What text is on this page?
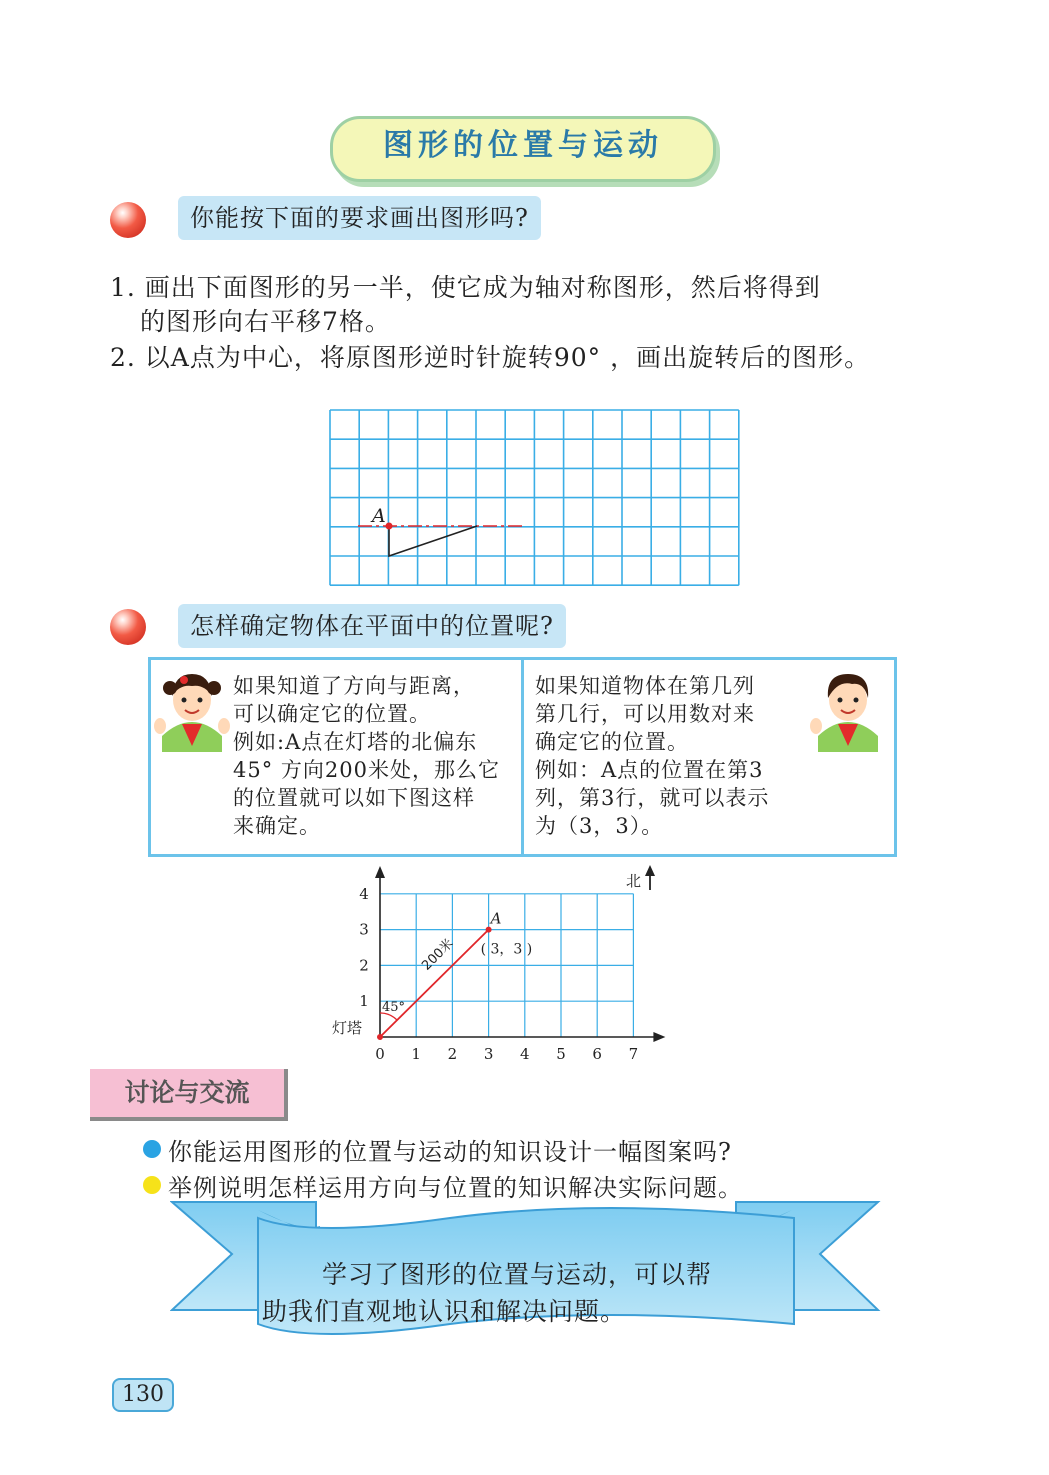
图形的位置与运动
你能按下面的要求画出图形吗?
1. 画出下面图形的另一半，使它成为轴对称图形，然后将得到
的图形向右平移7格。
2. 以A点为中心，将原图形逆时针旋转90° ，画出旋转后的图形。
A
怎样确定物体在平面中的位置呢?
如果知道了方向与距离，
可以确定它的位置。
例如:A点在灯塔的北偏东
45° 方向200米处，那么它
的位置就可以如下图这样
来确定。
如果知道物体在第几列
第几行，可以用数对来
确定它的位置。
例如：A点的位置在第3
列，第3行，就可以表示
为（3，3）。
0 1 2 3 4 5 6 7
1
2
3
4
灯塔
北
A
( 3，3 )
200米
45°
讨论与交流
你能运用图形的位置与运动的知识设计一幅图案吗?
举例说明怎样运用方向与位置的知识解决实际问题。
学习了图形的位置与运动，可以帮
助我们直观地认识和解决问题。
130
